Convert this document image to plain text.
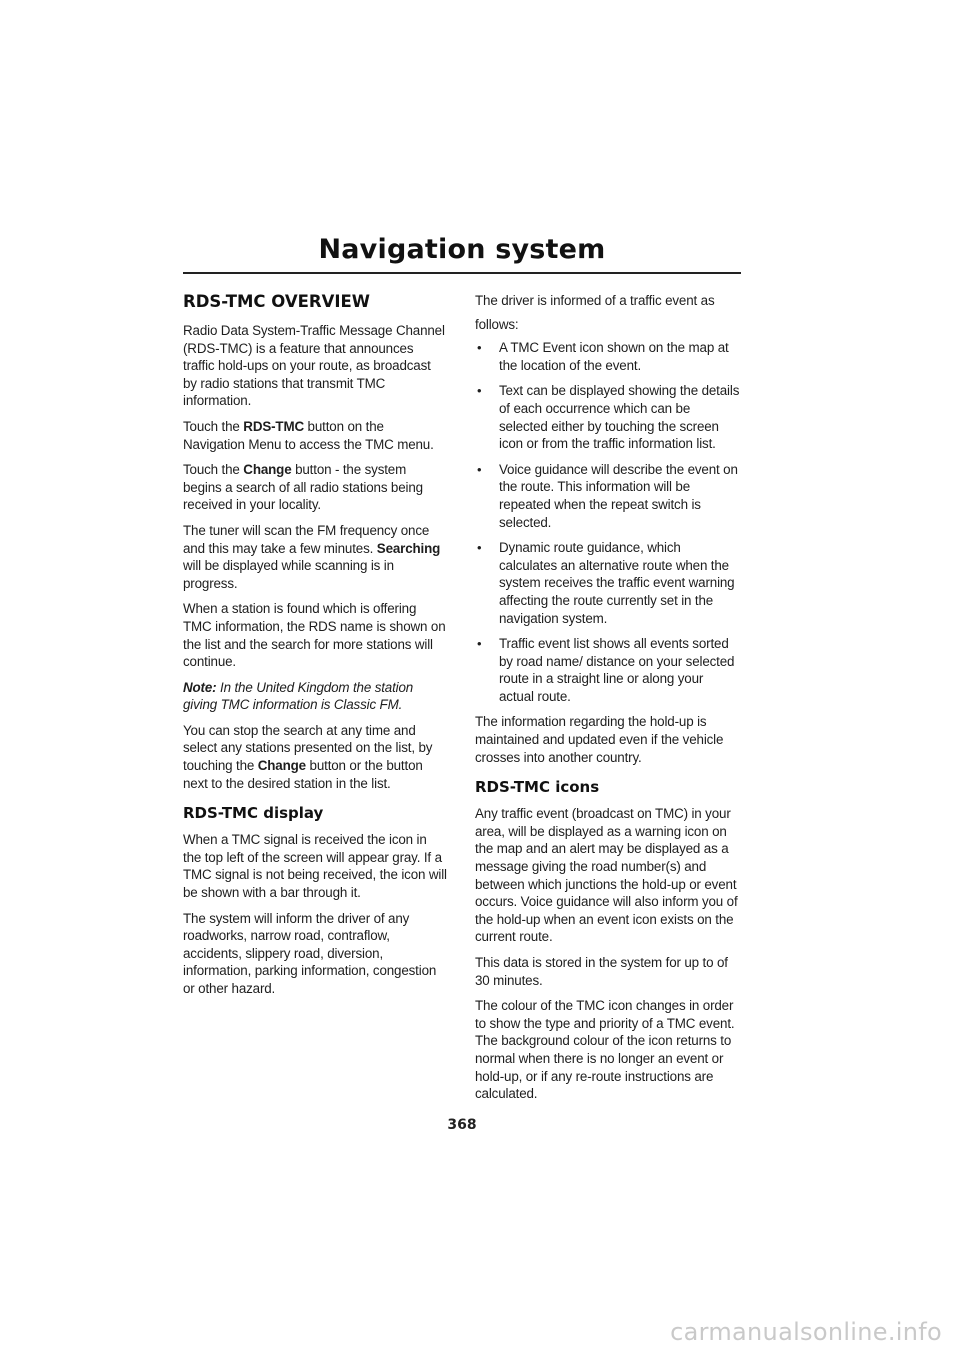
Navigation system
RDS-TMC OVERVIEW

Radio Data System-Traffic Message Channel (RDS-TMC) is a feature that announces traffic hold-ups on your route, as broadcast by radio stations that transmit TMC information.

Touch the RDS-TMC button on the Navigation Menu to access the TMC menu.

Touch the Change button - the system begins a search of all radio stations being received in your locality.

The tuner will scan the FM frequency once and this may take a few minutes. Searching will be displayed while scanning is in progress.

When a station is found which is offering TMC information, the RDS name is shown on the list and the search for more stations will continue.

Note: In the United Kingdom the station giving TMC information is Classic FM.

You can stop the search at any time and select any stations presented on the list, by touching the Change button or the button next to the desired station in the list.

RDS-TMC display

When a TMC signal is received the icon in the top left of the screen will appear gray. If a TMC signal is not being received, the icon will be shown with a bar through it.

The system will inform the driver of any roadworks, narrow road, contraflow, accidents, slippery road, diversion, information, parking information, congestion or other hazard.

The driver is informed of a traffic event as

follows:

• A TMC Event icon shown on the map at the location of the event.
• Text can be displayed showing the details of each occurrence which can be selected either by touching the screen icon or from the traffic information list.
• Voice guidance will describe the event on the route. This information will be repeated when the repeat switch is selected.
• Dynamic route guidance, which calculates an alternative route when the system receives the traffic event warning affecting the route currently set in the navigation system.
• Traffic event list shows all events sorted by road name/ distance on your selected route in a straight line or along your actual route.

The information regarding the hold-up is maintained and updated even if the vehicle crosses into another country.

RDS-TMC icons

Any traffic event (broadcast on TMC) in your area, will be displayed as a warning icon on the map and an alert may be displayed as a message giving the road number(s) and between which junctions the hold-up or event occurs. Voice guidance will also inform you of the hold-up when an event icon exists on the current route.

This data is stored in the system for up to of 30 minutes.

The colour of the TMC icon changes in order to show the type and priority of a TMC event. The background colour of the icon returns to normal when there is no longer an event or hold-up, or if any re-route instructions are calculated.

368
carmanualsonline.info
